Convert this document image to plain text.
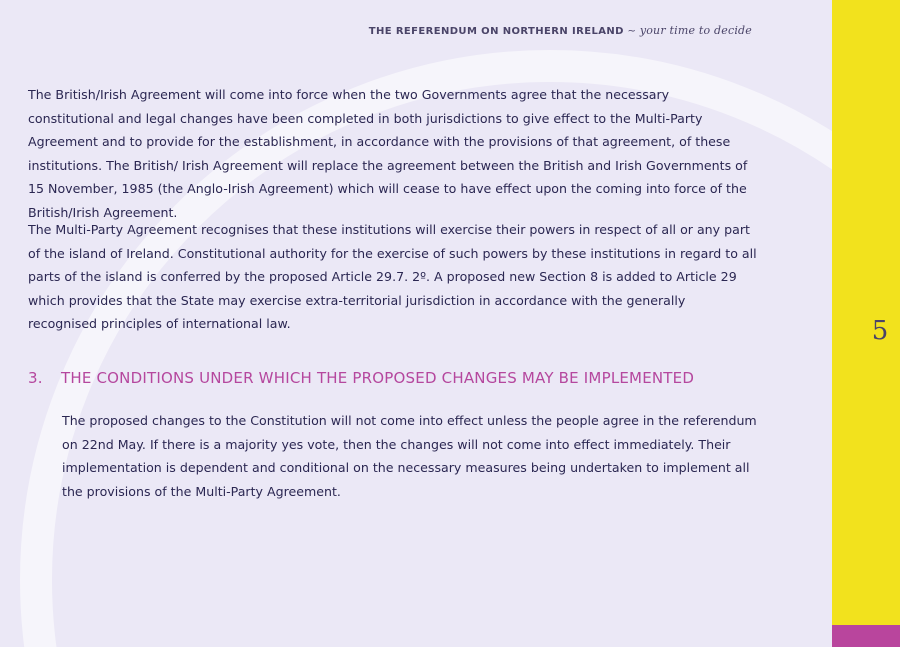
THE REFERENDUM ON NORTHERN IRELAND ~ your time to decide

The British/Irish Agreement will come into force when the two Governments agree that the necessary constitutional and legal changes have been completed in both jurisdictions to give effect to the Multi-Party Agreement and to provide for the establishment, in accordance with the provisions of that agreement, of these institutions. The British/ Irish Agreement will replace the agreement between the British and Irish Governments of 15 November, 1985 (the Anglo-Irish Agreement) which will cease to have effect upon the coming into force of the British/Irish Agreement.

The Multi-Party Agreement recognises that these institutions will exercise their powers in respect of all or any part of the island of Ireland. Constitutional authority for the exercise of such powers by these institutions in regard to all parts of the island is conferred by the proposed Article 29.7. 2º. A proposed new Section 8 is added to Article 29 which provides that the State may exercise extra-territorial jurisdiction in accordance with the generally recognised principles of international law.

3. THE CONDITIONS UNDER WHICH THE PROPOSED CHANGES MAY BE IMPLEMENTED

The proposed changes to the Constitution will not come into effect unless the people agree in the referendum on 22nd May. If there is a majority yes vote, then the changes will not come into effect immediately. Their implementation is dependent and conditional on the necessary measures being undertaken to implement all the provisions of the Multi-Party Agreement.

5
